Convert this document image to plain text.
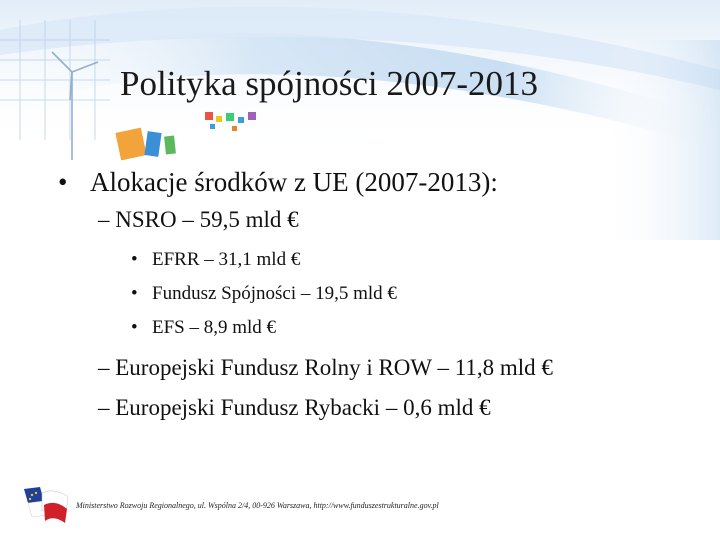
Polityka spójności 2007-2013
• Alokacje środków z UE (2007-2013):
– NSRO – 59,5 mld €
• EFRR – 31,1 mld €
• Fundusz Spójności – 19,5 mld €
• EFS – 8,9 mld €
– Europejski Fundusz Rolny i ROW – 11,8 mld €
– Europejski Fundusz Rybacki – 0,6 mld €
Ministerstwo Rozwoju Regionalnego, ul. Wspólna 2/4, 00-926 Warszawa, http://www.funduszestrukturalne.gov.pl
